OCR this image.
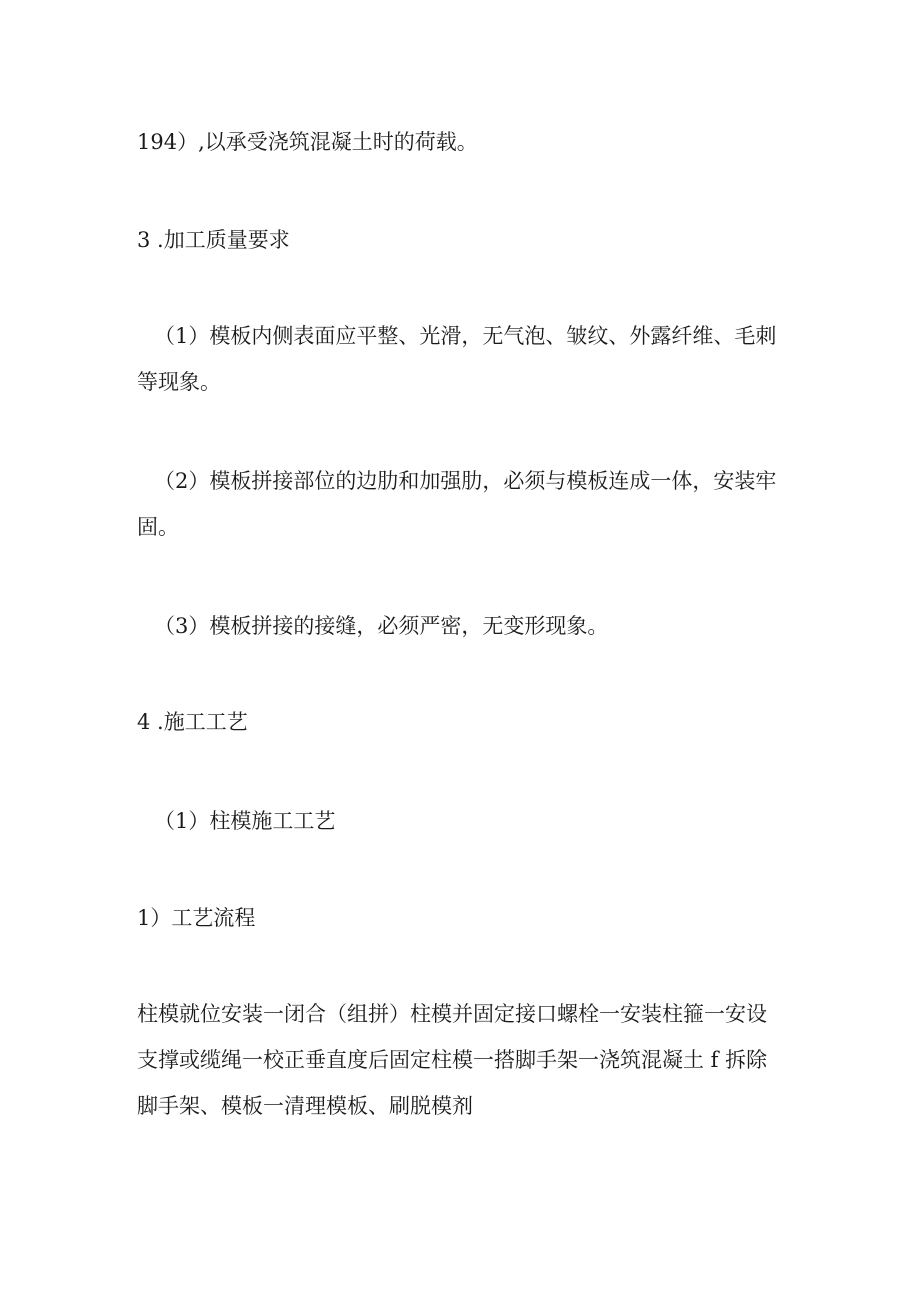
194）,以承受浇筑混凝土时的荷载。
3 .加工质量要求
（1）模板内侧表面应平整、光滑，无气泡、皱纹、外露纤维、毛刺等现象。
（2）模板拼接部位的边肋和加强肋，必须与模板连成一体，安装牢固。
（3）模板拼接的接缝，必须严密，无变形现象。
4 .施工工艺
（1）柱模施工工艺
1）工艺流程
柱模就位安装一闭合（组拼）柱模并固定接口螺栓一安装柱箍一安设支撑或缆绳一校正垂直度后固定柱模一搭脚手架一浇筑混凝土 f 拆除脚手架、模板一清理模板、刷脱模剂
